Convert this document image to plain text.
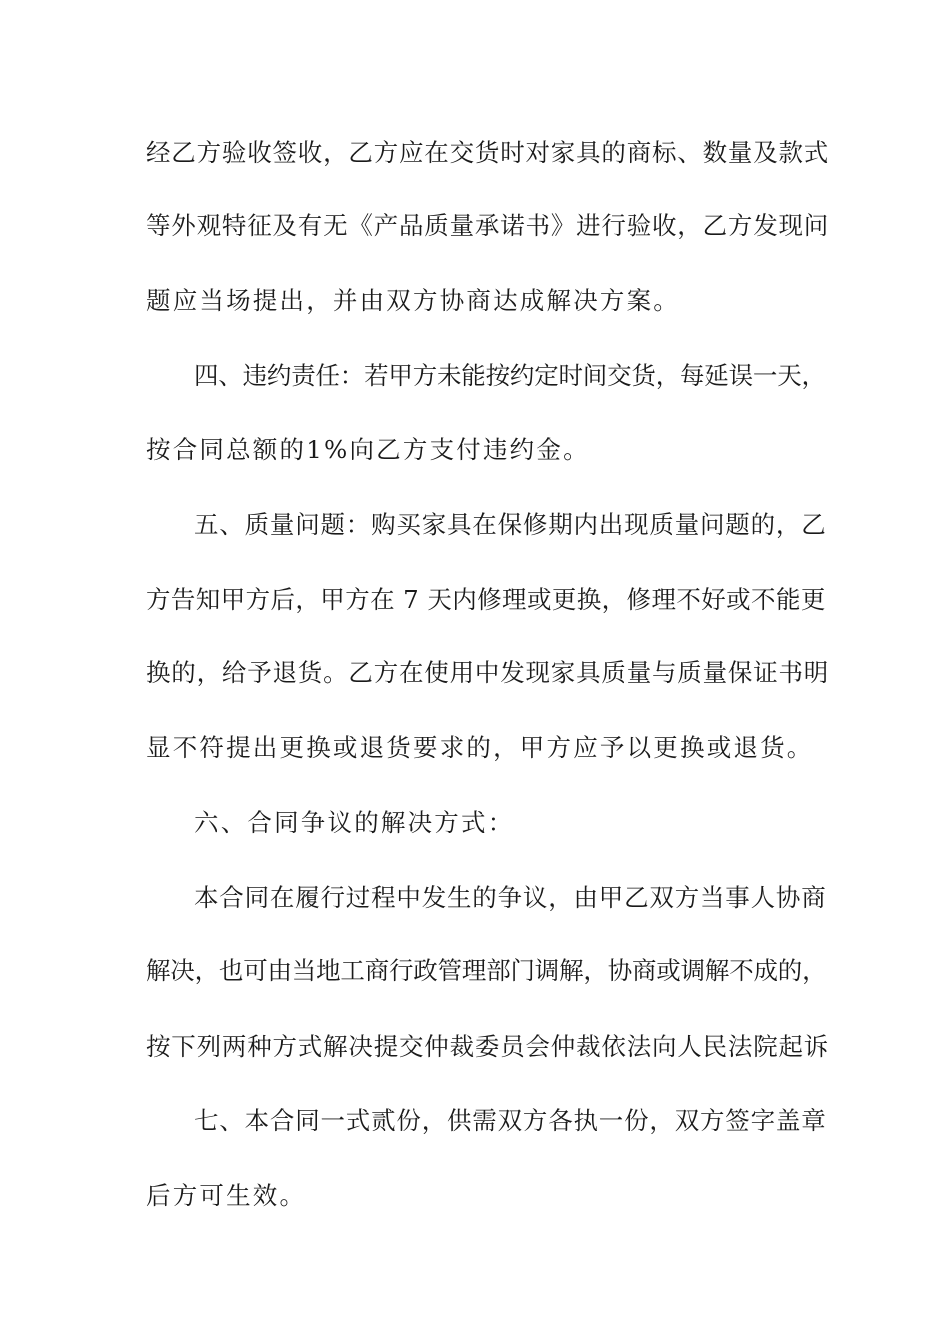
经乙方验收签收，乙方应在交货时对家具的商标、数量及款式
等外观特征及有无《产品质量承诺书》进行验收，乙方发现问
题应当场提出，并由双方协商达成解决方案。
四、违约责任：若甲方未能按约定时间交货，每延误一天，
按合同总额的1%向乙方支付违约金。
五、质量问题：购买家具在保修期内出现质量问题的，乙
方告知甲方后，甲方在 7 天内修理或更换，修理不好或不能更
换的，给予退货。乙方在使用中发现家具质量与质量保证书明
显不符提出更换或退货要求的，甲方应予以更换或退货。
六、合同争议的解决方式：
本合同在履行过程中发生的争议，由甲乙双方当事人协商
解决，也可由当地工商行政管理部门调解，协商或调解不成的，
按下列两种方式解决提交仲裁委员会仲裁依法向人民法院起诉
七、本合同一式贰份，供需双方各执一份，双方签字盖章
后方可生效。
